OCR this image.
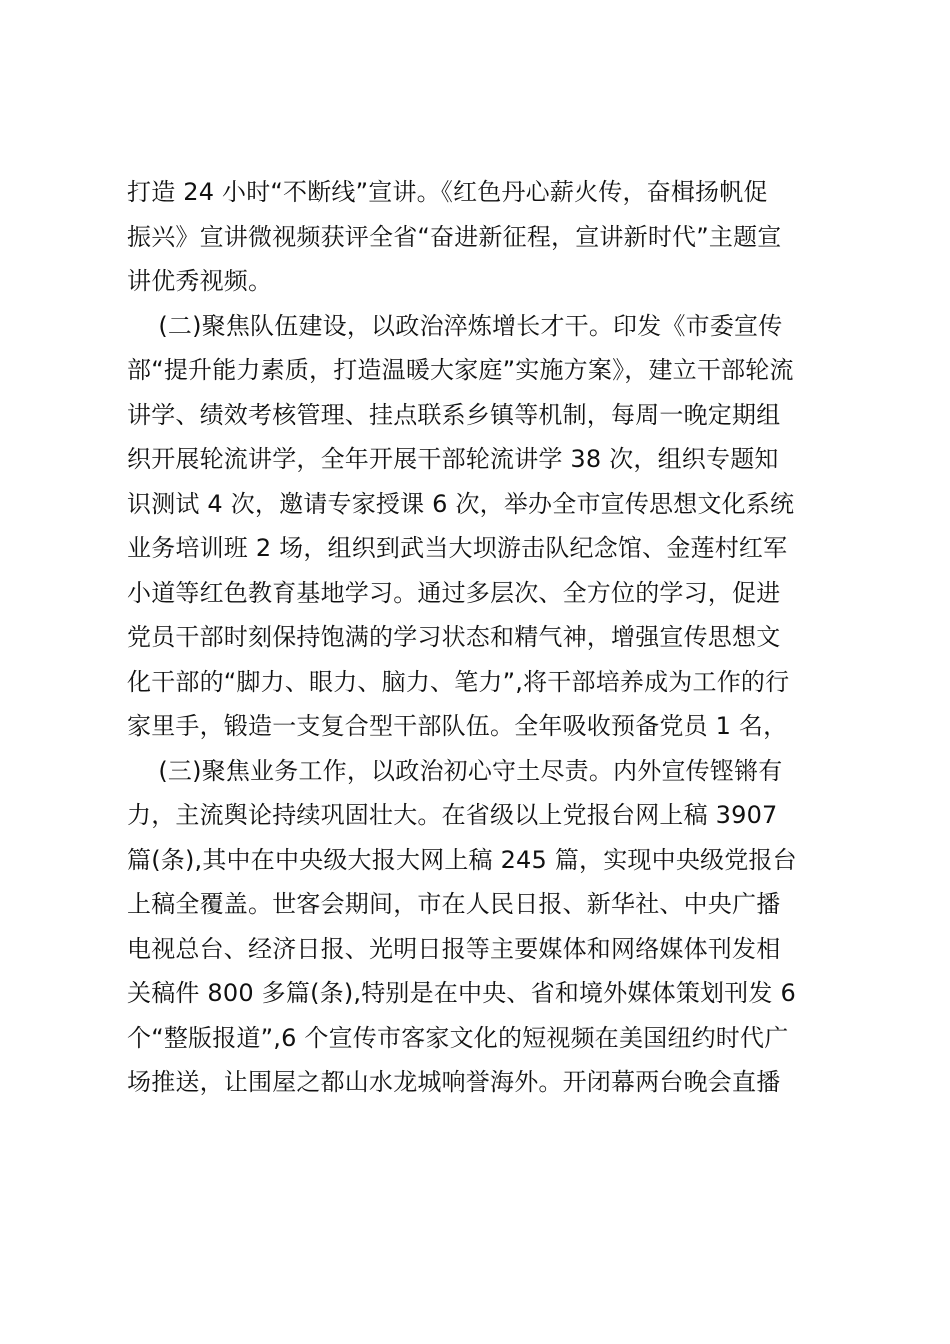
打造 24 小时“不断线”宣讲。《红色丹心薪火传，奋楫扬帆促
振兴》宣讲微视频获评全省“奋进新征程，宣讲新时代”主题宣
讲优秀视频。
(二)聚焦队伍建设，以政治淬炼增长才干。印发《市委宣传
部“提升能力素质，打造温暖大家庭”实施方案》，建立干部轮流
讲学、绩效考核管理、挂点联系乡镇等机制，每周一晚定期组
织开展轮流讲学，全年开展干部轮流讲学 38 次，组织专题知
识测试 4 次，邀请专家授课 6 次，举办全市宣传思想文化系统
业务培训班 2 场，组织到武当大坝游击队纪念馆、金莲村红军
小道等红色教育基地学习。通过多层次、全方位的学习，促进
党员干部时刻保持饱满的学习状态和精气神，增强宣传思想文
化干部的“脚力、眼力、脑力、笔力”,将干部培养成为工作的行
家里手，锻造一支复合型干部队伍。全年吸收预备党员 1 名，
(三)聚焦业务工作，以政治初心守土尽责。内外宣传铿锵有
力，主流舆论持续巩固壮大。在省级以上党报台网上稿 3907
篇(条),其中在中央级大报大网上稿 245 篇，实现中央级党报台
上稿全覆盖。世客会期间，市在人民日报、新华社、中央广播
电视总台、经济日报、光明日报等主要媒体和网络媒体刊发相
关稿件 800 多篇(条),特别是在中央、省和境外媒体策划刊发 6
个“整版报道”,6 个宣传市客家文化的短视频在美国纽约时代广
场推送，让围屋之都山水龙城响誉海外。开闭幕两台晚会直播
